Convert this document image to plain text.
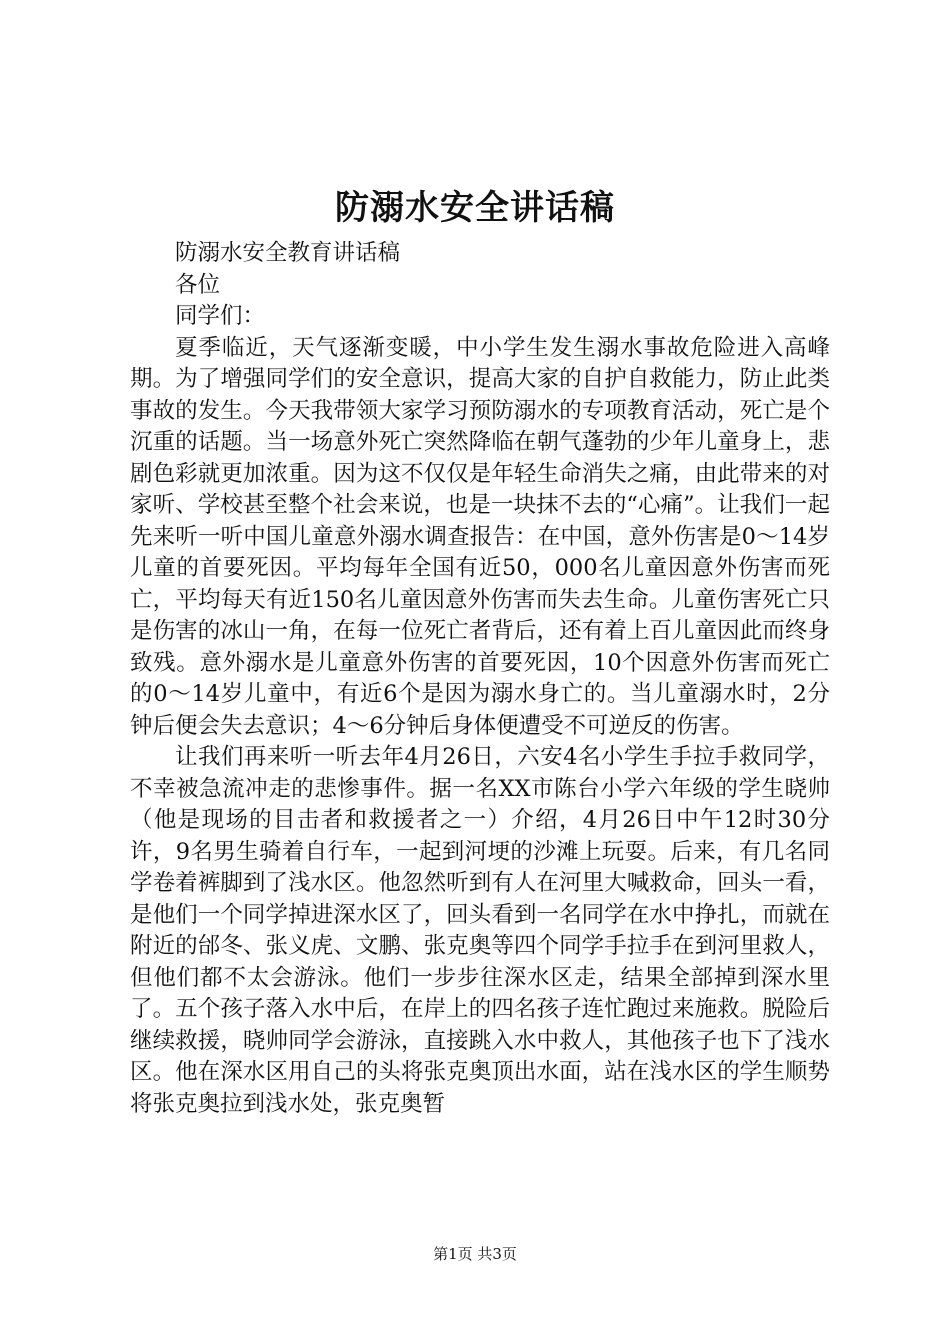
防溺水安全讲话稿

防溺水安全教育讲话稿

各位

同学们：

夏季临近，天气逐渐变暖，中小学生发生溺水事故危险进入高峰期。为了增强同学们的安全意识，提高大家的自护自救能力，防止此类事故的发生。今天我带领大家学习预防溺水的专项教育活动，死亡是个沉重的话题。当一场意外死亡突然降临在朝气蓬勃的少年儿童身上，悲剧色彩就更加浓重。因为这不仅仅是年轻生命消失之痛，由此带来的对家听、学校甚至整个社会来说，也是一块抹不去的“心痛”。让我们一起先来听一听中国儿童意外溺水调查报告：在中国，意外伤害是0～14岁儿童的首要死因。平均每年全国有近50，000名儿童因意外伤害而死亡，平均每天有近150名儿童因意外伤害而失去生命。儿童伤害死亡只是伤害的冰山一角，在每一位死亡者背后，还有着上百儿童因此而终身致残。意外溺水是儿童意外伤害的首要死因，10个因意外伤害而死亡的0～14岁儿童中，有近6个是因为溺水身亡的。当儿童溺水时，2分钟后便会失去意识；4～6分钟后身体便遭受不可逆反的伤害。

让我们再来听一听去年4月26日，六安4名小学生手拉手救同学，不幸被急流冲走的悲惨事件。据一名XX市陈台小学六年级的学生晓帅（他是现场的目击者和救援者之一）介绍，4月26日中午12时30分许，9名男生骑着自行车，一起到河埂的沙滩上玩耍。后来，有几名同学卷着裤脚到了浅水区。他忽然听到有人在河里大喊救命，回头一看，是他们一个同学掉进深水区了，回头看到一名同学在水中挣扎，而就在附近的邰冬、张义虎、文鹏、张克奥等四个同学手拉手在到河里救人，但他们都不太会游泳。他们一步步往深水区走，结果全部掉到深水里了。五个孩子落入水中后，在岸上的四名孩子连忙跑过来施救。脱险后继续救援，晓帅同学会游泳，直接跳入水中救人，其他孩子也下了浅水区。他在深水区用自己的头将张克奥顶出水面，站在浅水区的学生顺势将张克奥拉到浅水处，张克奥暂

第1页 共3页
